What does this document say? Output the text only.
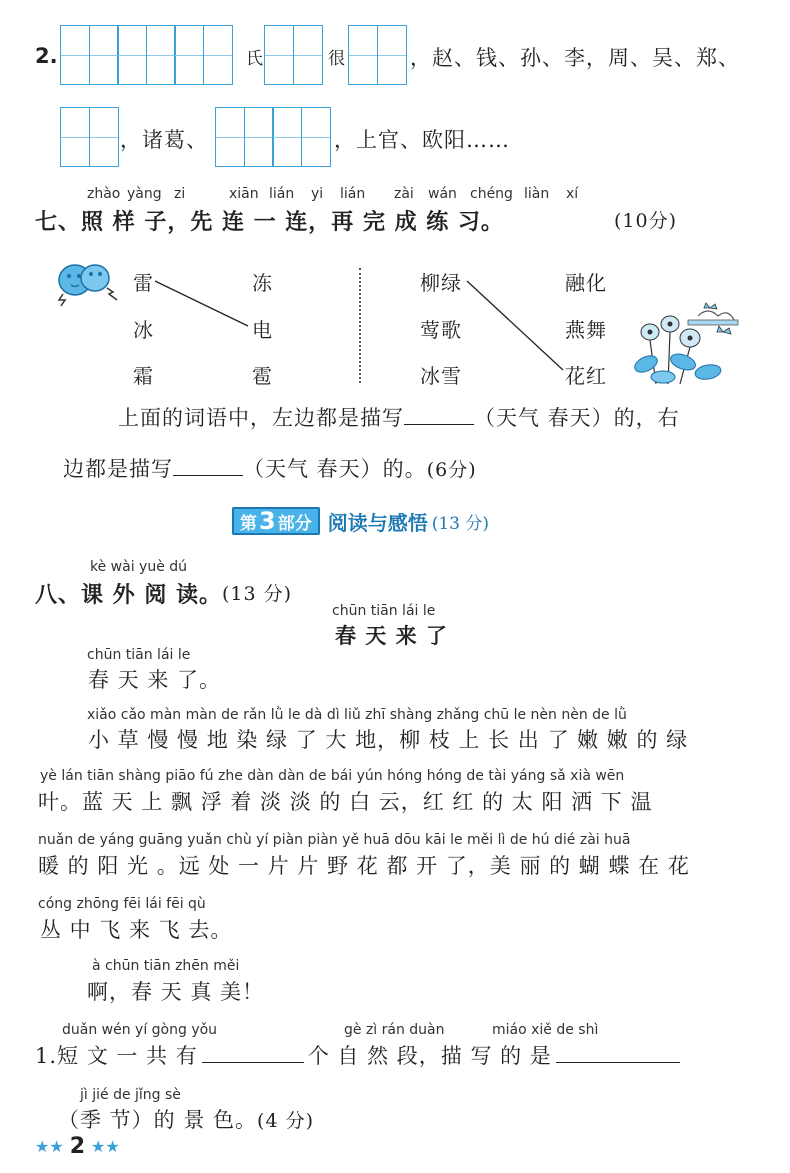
2.	氏	很	，赵、钱、孙、李，周、吴、郑、
，诸葛、	，上官、欧阳……
zhào yàng zi	xiān lián yi lián zài wán chéng liàn xí
七、照 样 子，先 连 一 连，再 完 成 练 习。	(10分)
雷
冰
霜
冻
电
雹
柳绿
莺歌
冰雪
融化
燕舞
花红
上面的词语中，左边都是描写	（天气 春天）的，右
边都是描写	（天气 春天）的。(6分)
第 3 部分 阅读与感悟 (13 分)
kè wài yuè dú
八、课 外 阅 读。 (13 分)
chūn tiān lái le
春 天 来 了
chūn tiān lái le
春 天 来 了。
xiǎo cǎo màn màn de rǎn lǜ le dà dì liǔ zhī shàng zhǎng chū le nèn nèn de lǜ
小 草 慢 慢 地 染 绿 了 大 地，柳 枝 上 长 出 了 嫩 嫩 的 绿
yè lán tiān shàng piāo fú zhe dàn dàn de bái yún hóng hóng de tài yáng sǎ xià wēn
叶。蓝 天 上 飘 浮 着 淡 淡 的 白 云，红 红 的 太 阳 洒 下 温
nuǎn de yáng guāng yuǎn chù yí piàn piàn yě huā dōu kāi le měi lì de hú dié zài huā
暖 的 阳 光 。远 处 一 片 片 野 花 都 开 了，美 丽 的 蝴 蝶 在 花
cóng zhōng fēi lái fēi qù
丛 中 飞 来 飞 去。
à chūn tiān zhēn měi
啊，春 天 真 美！
duǎn wén yí gòng yǒu	gè zì rán duàn	miáo xiě de shì
1.短 文 一 共 有	个 自 然 段，描 写 的 是
jì jié de jǐng sè
（季 节）的 景 色。(4 分)
★★ 2 ★★
